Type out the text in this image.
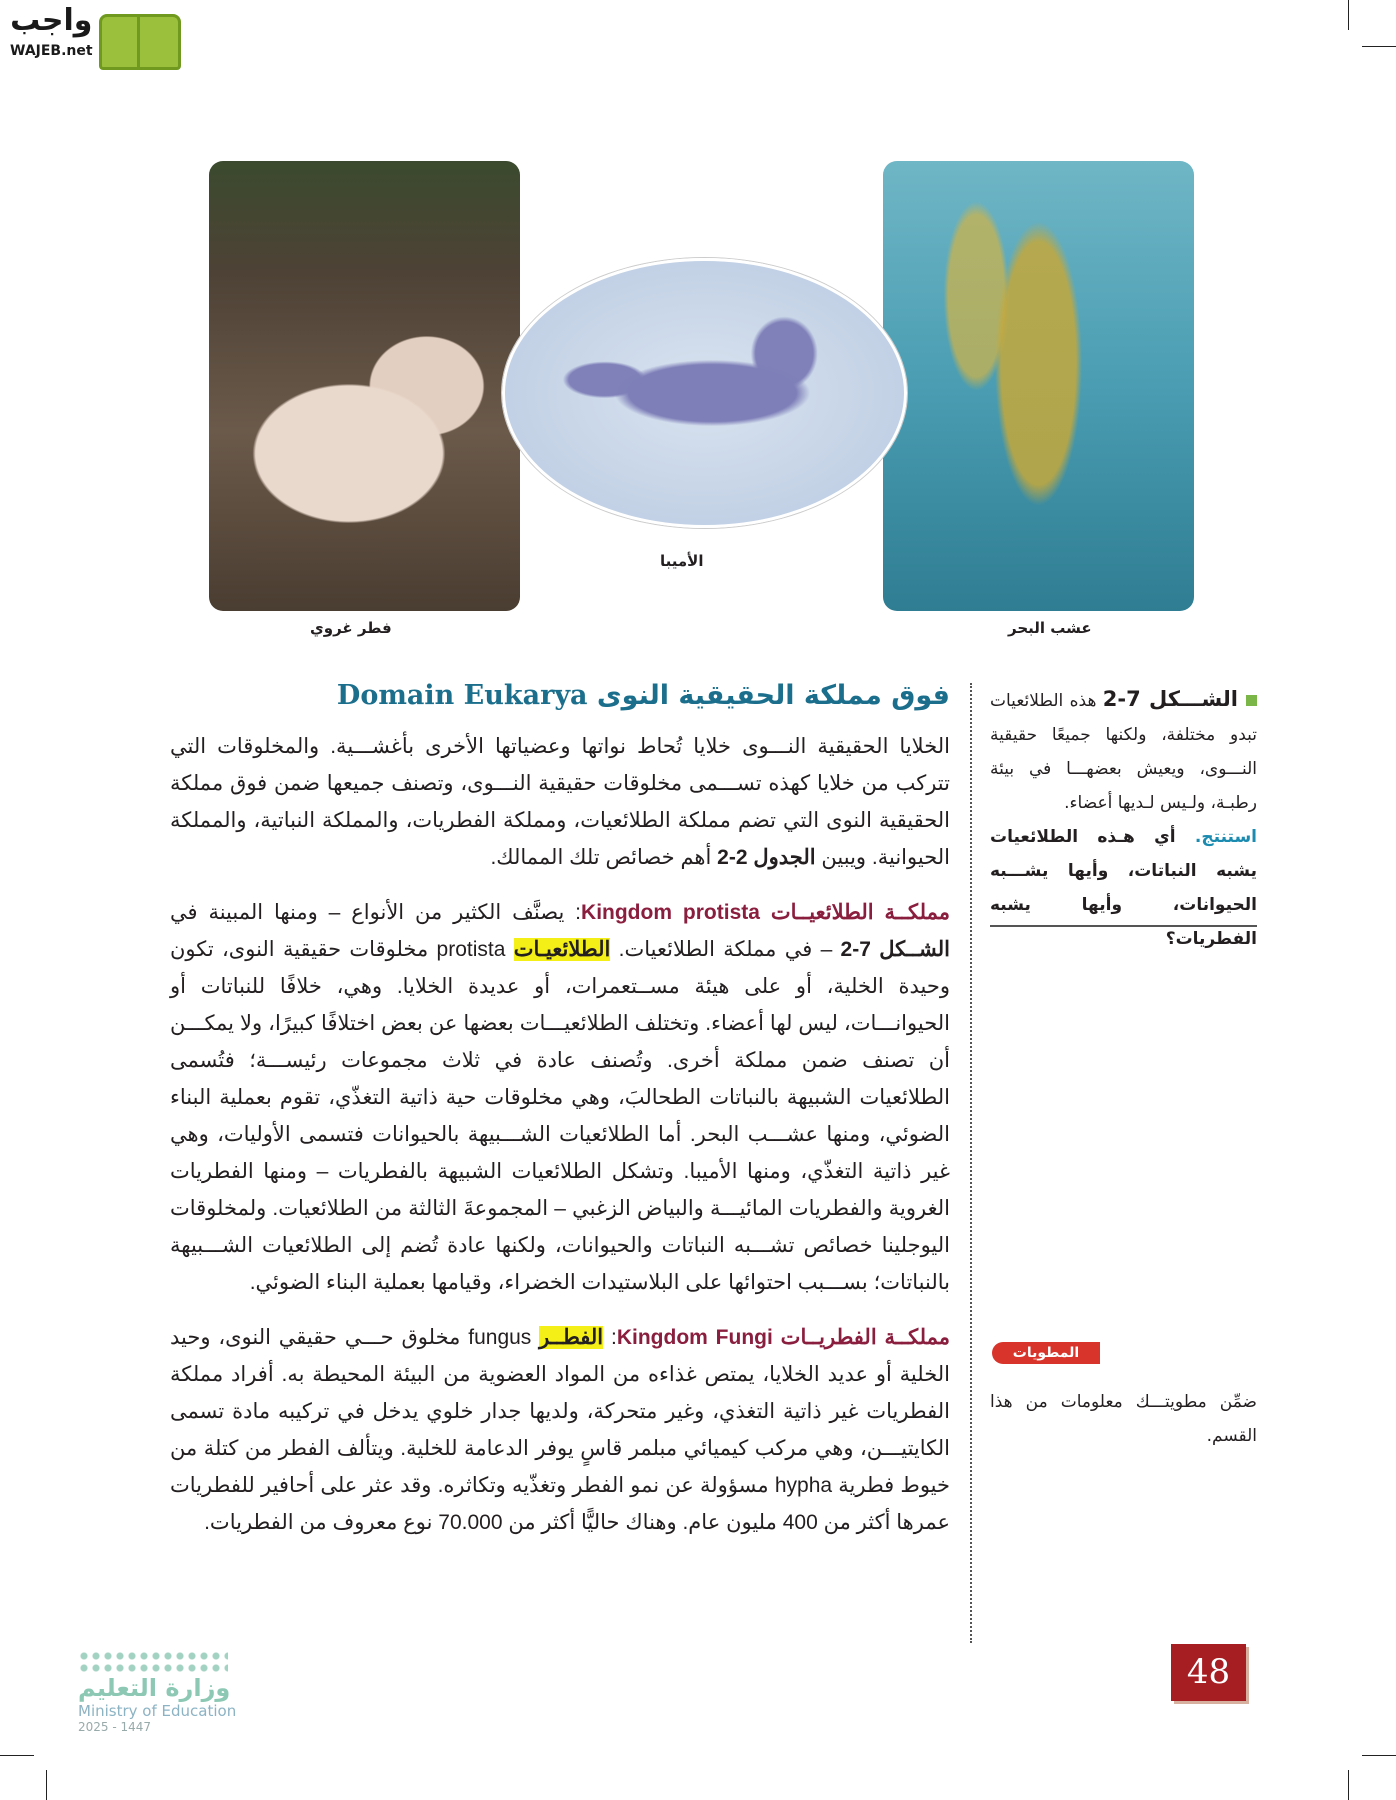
واجب
WAJEB.net
الأميبا
فطر غروي	عشب البحر
فوق مملكة الحقيقية النوى Domain Eukarya

الخلايا الحقيقية النـــوى خلايا تُحاط نواتها وعضياتها الأخرى بأغشـــية. والمخلوقات التي تتركب من خلايا كهذه تســـمى مخلوقات حقيقية النـــوى، وتصنف جميعها ضمن فوق مملكة الحقيقية النوى التي تضم مملكة الطلائعيات، ومملكة الفطريات، والمملكة النباتية، والمملكة الحيوانية. ويبين الجدول 2-2 أهم خصائص تلك الممالك.

مملكــة الطلائعيــات Kingdom protista: يصنَّف الكثير من الأنواع – ومنها المبينة في الشــكل 7-2 – في مملكة الطلائعيات. الطلائعيـات protista مخلوقات حقيقية النوى، تكون وحيدة الخلية، أو على هيئة مســتعمرات، أو عديدة الخلايا. وهي، خلافًا للنباتات أو الحيوانـــات، ليس لها أعضاء. وتختلف الطلائعيـــات بعضها عن بعض اختلافًا كبيرًا، ولا يمكـــن أن تصنف ضمن مملكة أخرى. وتُصنف عادة في ثلاث مجموعات رئيســـة؛ فتُسمى الطلائعيات الشبيهة بالنباتات الطحالبَ، وهي مخلوقات حية ذاتية التغذّي، تقوم بعملية البناء الضوئي، ومنها عشـــب البحر. أما الطلائعيات الشـــبيهة بالحيوانات فتسمى الأوليات، وهي غير ذاتية التغذّي، ومنها الأميبا. وتشكل الطلائعيات الشبيهة بالفطريات – ومنها الفطريات الغروية والفطريات المائيـــة والبياض الزغبي – المجموعةَ الثالثة من الطلائعيات. ولمخلوقات اليوجلينا خصائص تشـــبه النباتات والحيوانات، ولكنها عادة تُضم إلى الطلائعيات الشـــبيهة بالنباتات؛ بســـبب احتوائها على البلاستيدات الخضراء، وقيامها بعملية البناء الضوئي.

مملكــة الفطريــات Kingdom Fungi: الفطــر fungus مخلوق حـــي حقيقي النوى، وحيد الخلية أو عديد الخلايا، يمتص غذاءه من المواد العضوية من البيئة المحيطة به. أفراد مملكة الفطريات غير ذاتية التغذي، وغير متحركة، ولديها جدار خلوي يدخل في تركيبه مادة تسمى الكايتيـــن، وهي مركب كيميائي مبلمر قاسٍ يوفر الدعامة للخلية. ويتألف الفطر من كتلة من خيوط فطرية hypha مسؤولة عن نمو الفطر وتغذّيه وتكاثره. وقد عثر على أحافير للفطريات عمرها أكثر من 400 مليون عام. وهناك حاليًّا أكثر من 70.000 نوع معروف من الفطريات.

الشـــكل 7-2 هذه الطلائعيات تبدو مختلفة، ولكنها جميعًا حقيقية النـــوى، ويعيش بعضهـــا في بيئة رطبـة، ولـيس لـديها أعضاء.
استنتج. أي هـذه الطلائعيات يشبه النباتات، وأيها يشـــبه الحيوانات، وأيها يشبه الفطريات؟
المطويات
ضمِّن مطويتـــك معلومات من هذا القسم.
48
وزارة التعليم
Ministry of Education
2025 - 1447
